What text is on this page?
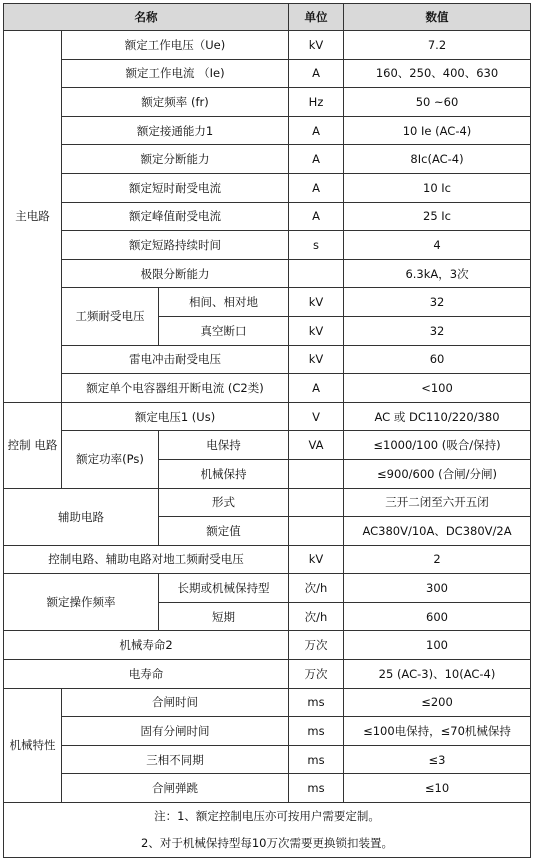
名称			单位	数值
主电路	额定工作电压（Ue)		kV	7.2
	额定工作电流 （Ie)		A	160、250、400、630
	额定频率 (fr)		Hz	50 ~60
	额定接通能力1		A	10 Ie (AC-4)
	额定分断能力		A	8Ic(AC-4)
	额定短时耐受电流		A	10 Ic
	额定峰值耐受电流		A	25 Ic
	额定短路持续时间		s	4
	极限分断能力			6.3kA，3次
	工频耐受电压	相间、相对地	kV	32
		真空断口	kV	32
	雷电冲击耐受电压		kV	60
	额定单个电容器组开断电流 (C2类)		A	<100
控制 电路	额定电压1 (Us)		V	AC 或 DC110/220/380
	额定功率(Ps)	电保持	VA	≤1000/100 (吸合/保持)
		机械保持		≤900/600 (合闸/分闸)
辅助电路		形式		三开二闭至六开五闭
		额定值		AC380V/10A、DC380V/2A
控制电路、辅助电路对地工频耐受电压			kV	2
额定操作频率		长期或机械保持型	次/h	300
		短期	次/h	600
机械寿命2			万次	100
电寿命			万次	25 (AC-3)、10(AC-4)
机械特性	合闸时间		ms	≤200
	固有分闸时间		ms	≤100电保持，≤70机械保持
	三相不同期		ms	≤3
	合闸弹跳		ms	≤10

注：1、额定控制电压亦可按用户需要定制。
2、对于机械保持型每10万次需要更换锁扣装置。				
